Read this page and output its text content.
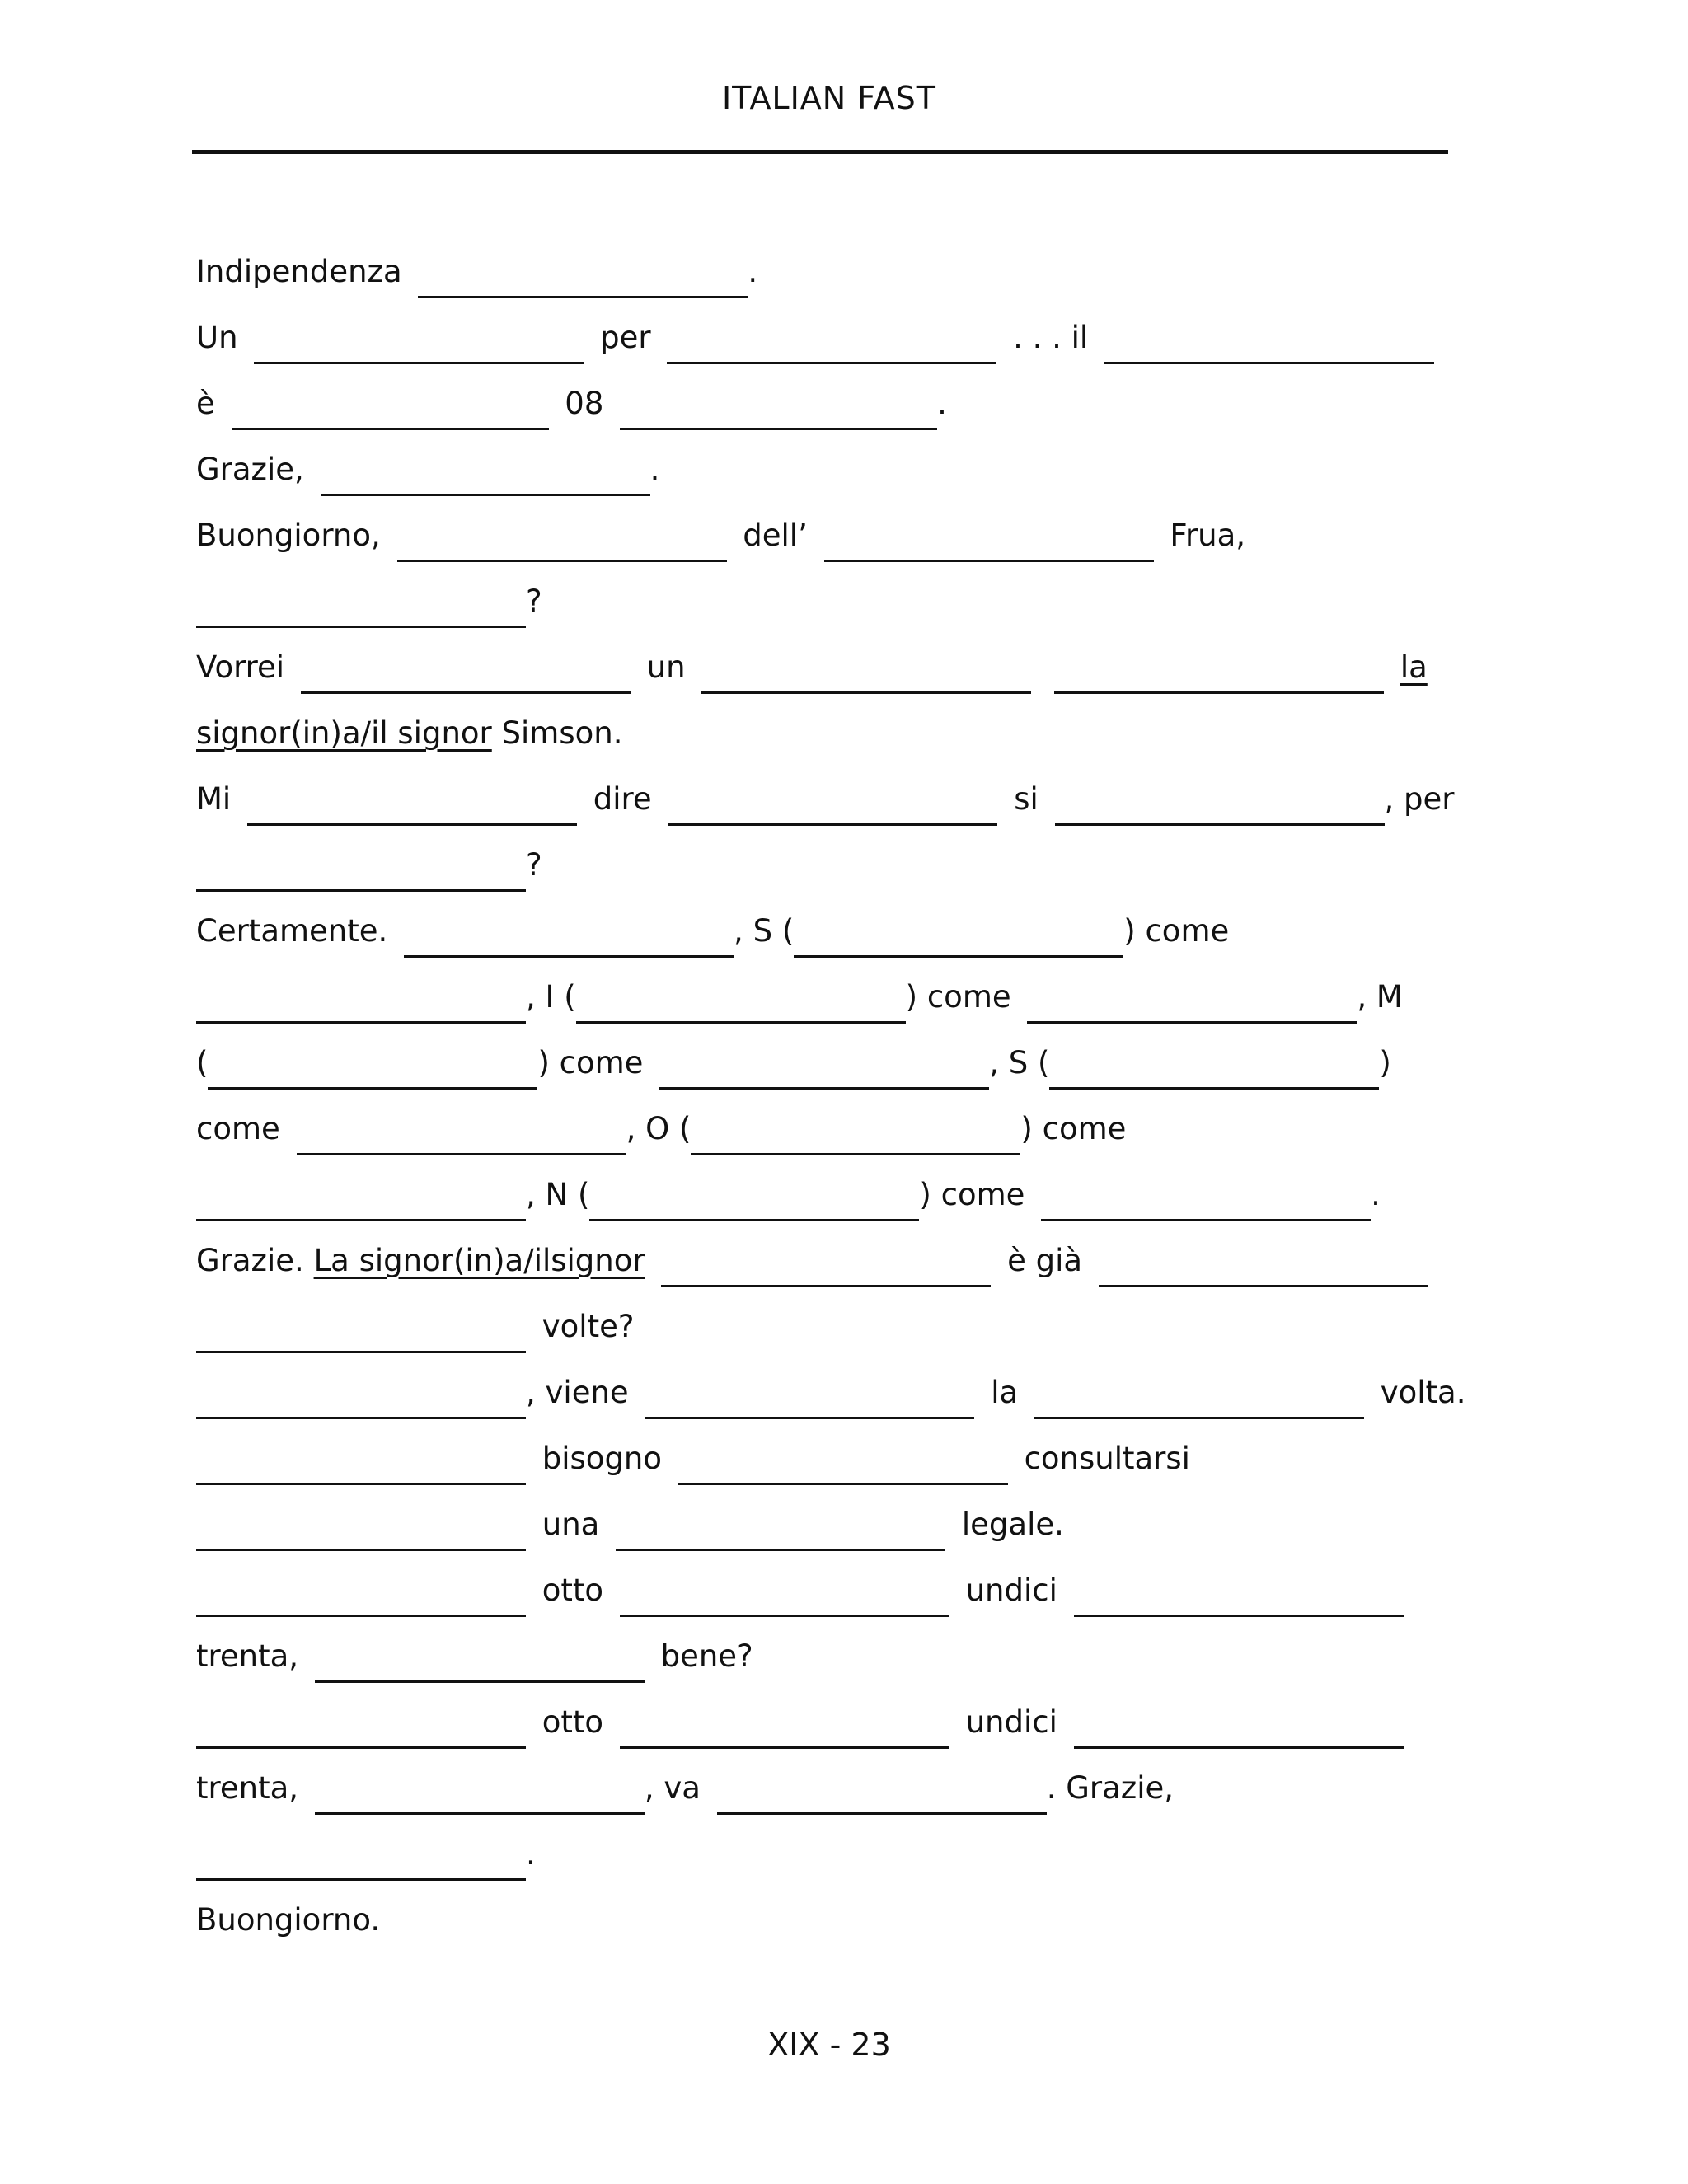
ITALIAN FAST
Indipendenza	.
Un	per	. . . il
è	08	.
Grazie,	.
Buongiorno,	dell’	Frua,
?
Vorrei	un	la
signor(in)a/il signor Simson.
Mi	dire	si	, per
?
Certamente.	, S (	) come
, I (	) come	, M
(	) come	, S (	)
come	, O (	) come
, N (	) come	.
Grazie. La signor(in)a/ilsignor	è già
volte?
, viene	la	volta.
bisogno	consultarsi
una	legale.
otto	undici
trenta,	bene?
otto	undici
trenta,	, va	. Grazie,
.
Buongiorno.
XIX - 23
